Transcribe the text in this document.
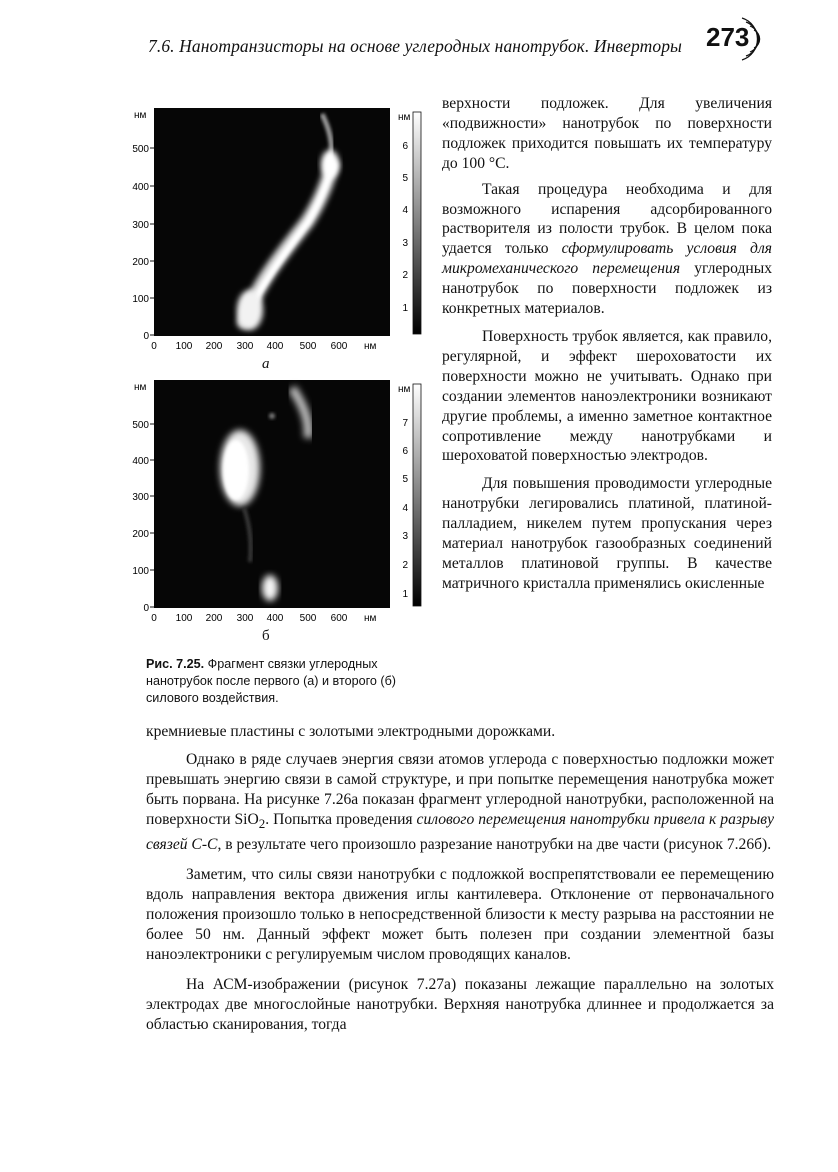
7.6. Нанотранзисторы на основе углеродных нанотрубок. Инверторы 273
нм
500
400
300
200
100
0
0 100 200 300 400 500 600 нм
нм
6
5
4
3
2
1
а
нм
500
400
300
200
100
0
0 100 200 300 400 500 600 нм
нм
7
6
5
4
3
2
1
б
Рис. 7.25. Фрагмент связки углеродных нанотрубок после первого (а) и второго (б) силового воздействия.

верхности подложек. Для увеличения «подвижности» нанотрубок по поверхности подложек приходится повышать их температуру до 100 °С.

Такая процедура необходима и для возможного испарения адсорбированного растворителя из полости трубок. В целом пока удается только сформулировать условия для микромеханического перемещения углеродных нанотрубок по поверхности подложек из конкретных материалов.

Поверхность трубок является, как правило, регулярной, и эффект шероховатости их поверхности можно не учитывать. Однако при создании элементов наноэлектроники возникают другие проблемы, а именно заметное контактное сопротивление между нанотрубками и шероховатой поверхностью электродов.

Для повышения проводимости углеродные нанотрубки легировались платиной, платиной-палладием, никелем путем пропускания через материал нанотрубок газообразных соединений металлов платиновой группы. В качестве матричного кристалла применялись окисленные

кремниевые пластины с золотыми электродными дорожками.

Однако в ряде случаев энергия связи атомов углерода с поверхностью подложки может превышать энергию связи в самой структуре, и при попытке перемещения нанотрубка может быть порвана. На рисунке 7.26а показан фрагмент углеродной нанотрубки, расположенной на поверхности SiO$_2$. Попытка проведения силового перемещения нанотрубки привела к разрыву связей С-С, в результате чего произошло разрезание нанотрубки на две части (рисунок 7.26б).

Заметим, что силы связи нанотрубки с подложкой воспрепятствовали ее перемещению вдоль направления вектора движения иглы кантилевера. Отклонение от первоначального положения произошло только в непосредственной близости к месту разрыва на расстоянии не более 50 нм. Данный эффект может быть полезен при создании элементной базы наноэлектроники с регулируемым числом проводящих каналов.

На АСМ-изображении (рисунок 7.27а) показаны лежащие параллельно на золотых электродах две многослойные нанотрубки. Верхняя нанотрубка длиннее и продолжается за областью сканирования, тогда
